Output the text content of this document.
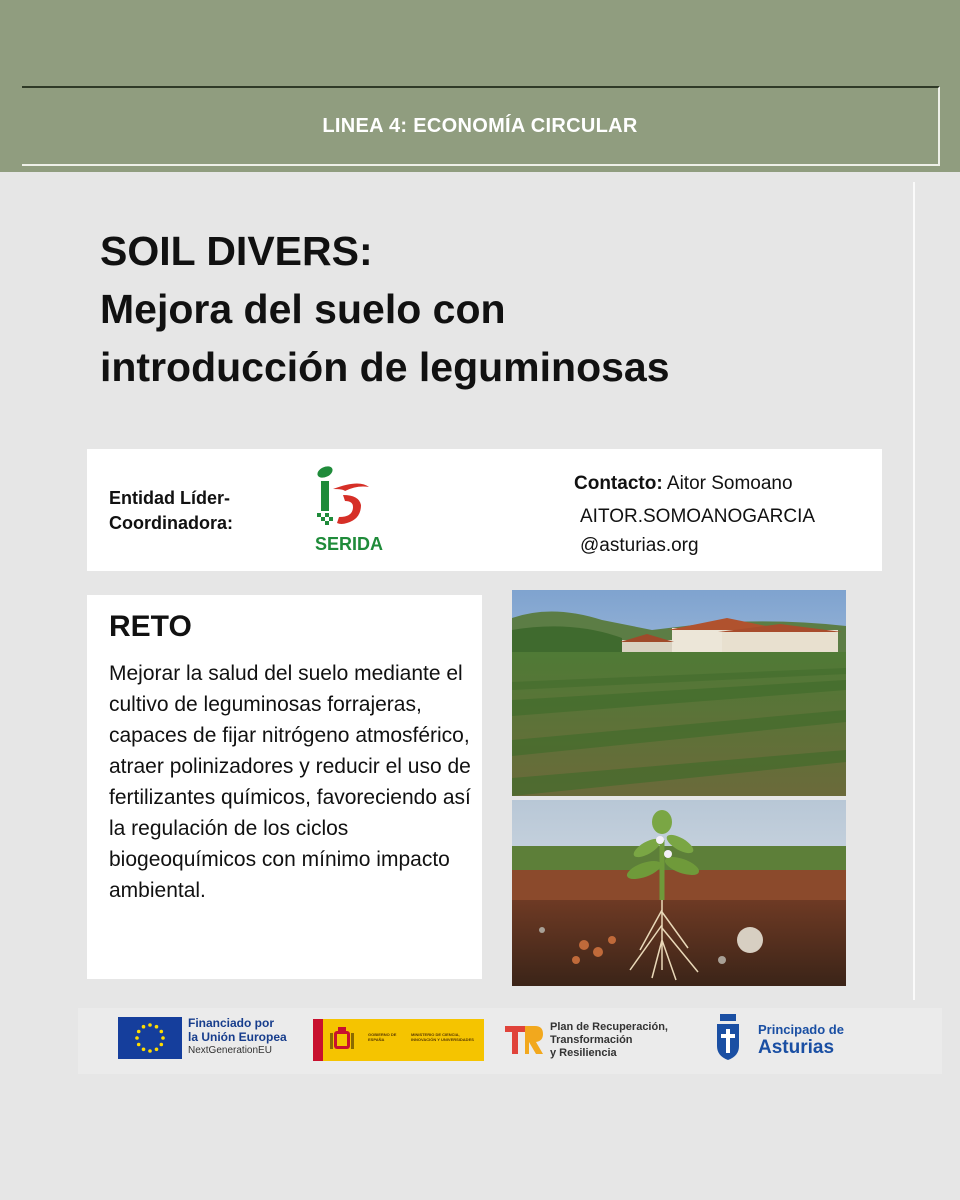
LINEA 4: ECONOMÍA CIRCULAR
SOIL DIVERS:
Mejora del suelo con
introducción de leguminosas
Entidad Líder-
Coordinadora:
SERIDA
Contacto: Aitor Somoano
AITOR.SOMOANOGARCIA
@asturias.org
RETO

Mejorar la salud del suelo mediante el cultivo de leguminosas forrajeras, capaces de fijar nitrógeno atmosférico, atraer polinizadores y reducir el uso de fertilizantes químicos, favoreciendo así la regulación de los ciclos biogeoquímicos con mínimo impacto ambiental.

Financiado por
la Unión Europea
NextGenerationEU
GOBIERNO DE ESPAÑA
MINISTERIO DE CIENCIA, INNOVACIÓN Y UNIVERSIDADES
Plan de Recuperación,
Transformación
y Resiliencia
Principado de
Asturias
